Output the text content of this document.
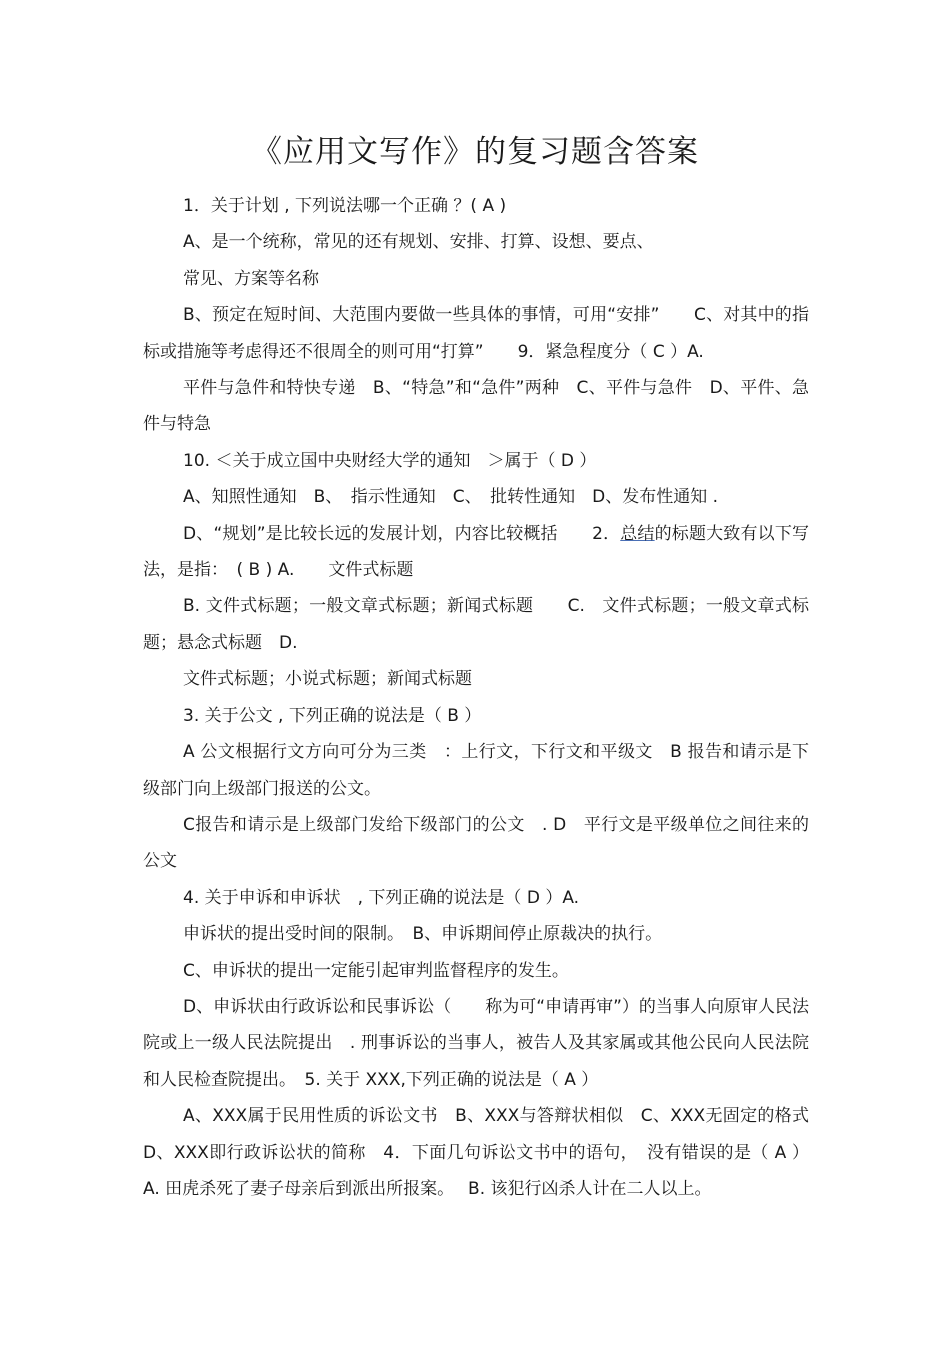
《应用文写作》的复习题含答案

1．关于计划 , 下列说法哪一个正确 ？( A )

A、是一个统称，常见的还有规划、安排、打算、设想、要点、

常见、方案等名称

B、预定在短时间、大范围内要做一些具体的事情，可用“安排”　　C、对其中的指标或措施等考虑得还不很周全的则可用“打算”　　9．紧急程度分（ C ）A.

平件与急件和特快专递　B、“特急”和“急件”两种　C、平件与急件　D、平件、急件与特急

10. ＜关于成立国中央财经大学的通知　＞属于（ D ）

A、知照性通知　B、　指示性通知　C、　批转性通知　D、发布性通知 .

D、“规划”是比较长远的发展计划，内容比较概括　　2．总结的标题大致有以下写法，是指：　( B ) A.　　文件式标题

B. 文件式标题；一般文章式标题；新闻式标题　　C.　文件式标题；一般文章式标题；悬念式标题　D.

文件式标题；小说式标题；新闻式标题

3. 关于公文 , 下列正确的说法是（ B ）

A 公文根据行文方向可分为三类　：上行文，下行文和平级文　B 报告和请示是下级部门向上级部门报送的公文。

C报告和请示是上级部门发给下级部门的公文　. D　平行文是平级单位之间往来的公文

4. 关于申诉和申诉状　, 下列正确的说法是（ D ）A.

申诉状的提出受时间的限制。　B、申诉期间停止原裁决的执行。

C、申诉状的提出一定能引起审判监督程序的发生。

D、申诉状由行政诉讼和民事诉讼（　　称为可“申请再审”）的当事人向原审人民法院或上一级人民法院提出　. 刑事诉讼的当事人，被告人及其家属或其他公民向人民法院和人民检查院提出。　5. 关于 XXX,下列正确的说法是（ A ）

A、XXX属于民用性质的诉讼文书　B、XXX与答辩状相似　C、XXX无固定的格式 D、XXX即行政诉讼状的简称　4．下面几句诉讼文书中的语句，　没有错误的是（ A ）A. 田虎杀死了妻子母亲后到派出所报案。　 B. 该犯行凶杀人计在二人以上。
